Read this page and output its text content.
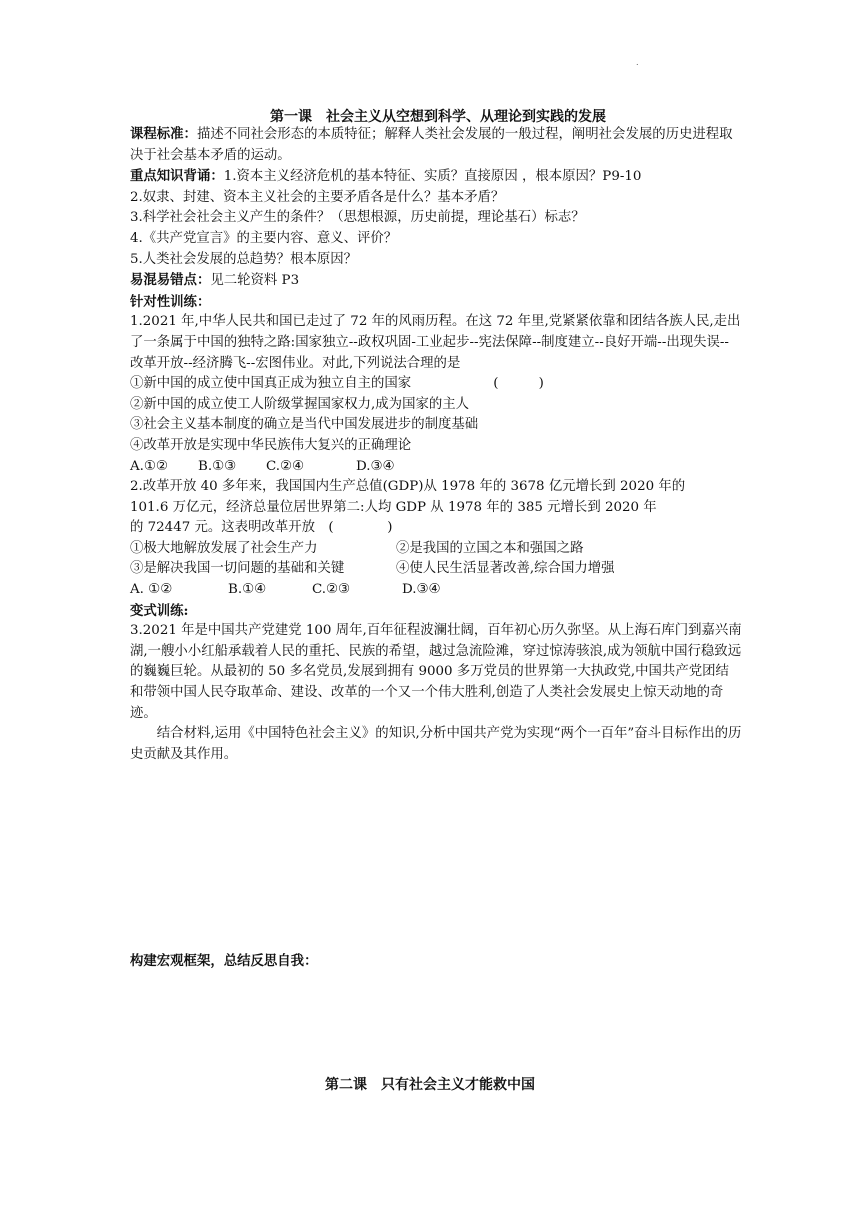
.
第一课　社会主义从空想到科学、从理论到实践的发展

课程标准：描述不同社会形态的本质特征；解释人类社会发展的一般过程，阐明社会发展的历史进程取决于社会基本矛盾的运动。

重点知识背诵：1.资本主义经济危机的基本特征、实质？直接原因 ，根本原因？P9-10

2.奴隶、封建、资本主义社会的主要矛盾各是什么？基本矛盾？

3.科学社会社会主义产生的条件？（思想根源，历史前提，理论基石）标志？

4.《共产党宣言》的主要内容、意义、评价？

5.人类社会发展的总趋势？根本原因？

易混易错点：见二轮资料 P3

针对性训练：

1.2021 年,中华人民共和国已走过了 72 年的风雨历程。在这 72 年里,党紧紧依靠和团结各族人民,走出了一条属于中国的独特之路:国家独立--政权巩固-工业起步--宪法保障--制度建立--良好开端--出现失误--改革开放--经济腾飞--宏图伟业。对此,下列说法合理的是

①新中国的成立使中国真正成为独立自主的国家	(　　　)

②新中国的成立使工人阶级掌握国家权力,成为国家的主人

③社会主义基本制度的确立是当代中国发展进步的制度基础

④改革开放是实现中华民族伟大复兴的正确理论

A.①② B.①③ C.②④	D.③④

2.改革开放 40 多年来，我国国内生产总值(GDP)从 1978 年的 3678 亿元增长到 2020 年的

101.6 万亿元，经济总量位居世界第二:人均 GDP 从 1978 年的 385 元增长到 2020 年

的 72447 元。这表明改革开放　(　　　　)

①极大地解放发展了社会生产力	②是我国的立国之本和强国之路

③是解决我国一切问题的基础和关键	④使人民生活显著改善,综合国力增强

A. ①②	B.①④	C.②③	D.③④

变式训练:

3.2021 年是中国共产党建党 100 周年,百年征程波澜壮阔，百年初心历久弥坚。从上海石库门到嘉兴南湖,一艘小小红船承载着人民的重托、民族的希望，越过急流险滩，穿过惊涛骇浪,成为领航中国行稳致远的巍巍巨轮。从最初的 50 多名党员,发展到拥有 9000 多万党员的世界第一大执政党,中国共产党团结和带领中国人民夺取革命、建设、改革的一个又一个伟大胜利,创造了人类社会发展史上惊天动地的奇迹。

结合材料,运用《中国特色社会主义》的知识,分析中国共产党为实现“两个一百年”奋斗目标作出的历史贡献及其作用。

构建宏观框架，总结反思自我：

第二课　只有社会主义才能救中国
